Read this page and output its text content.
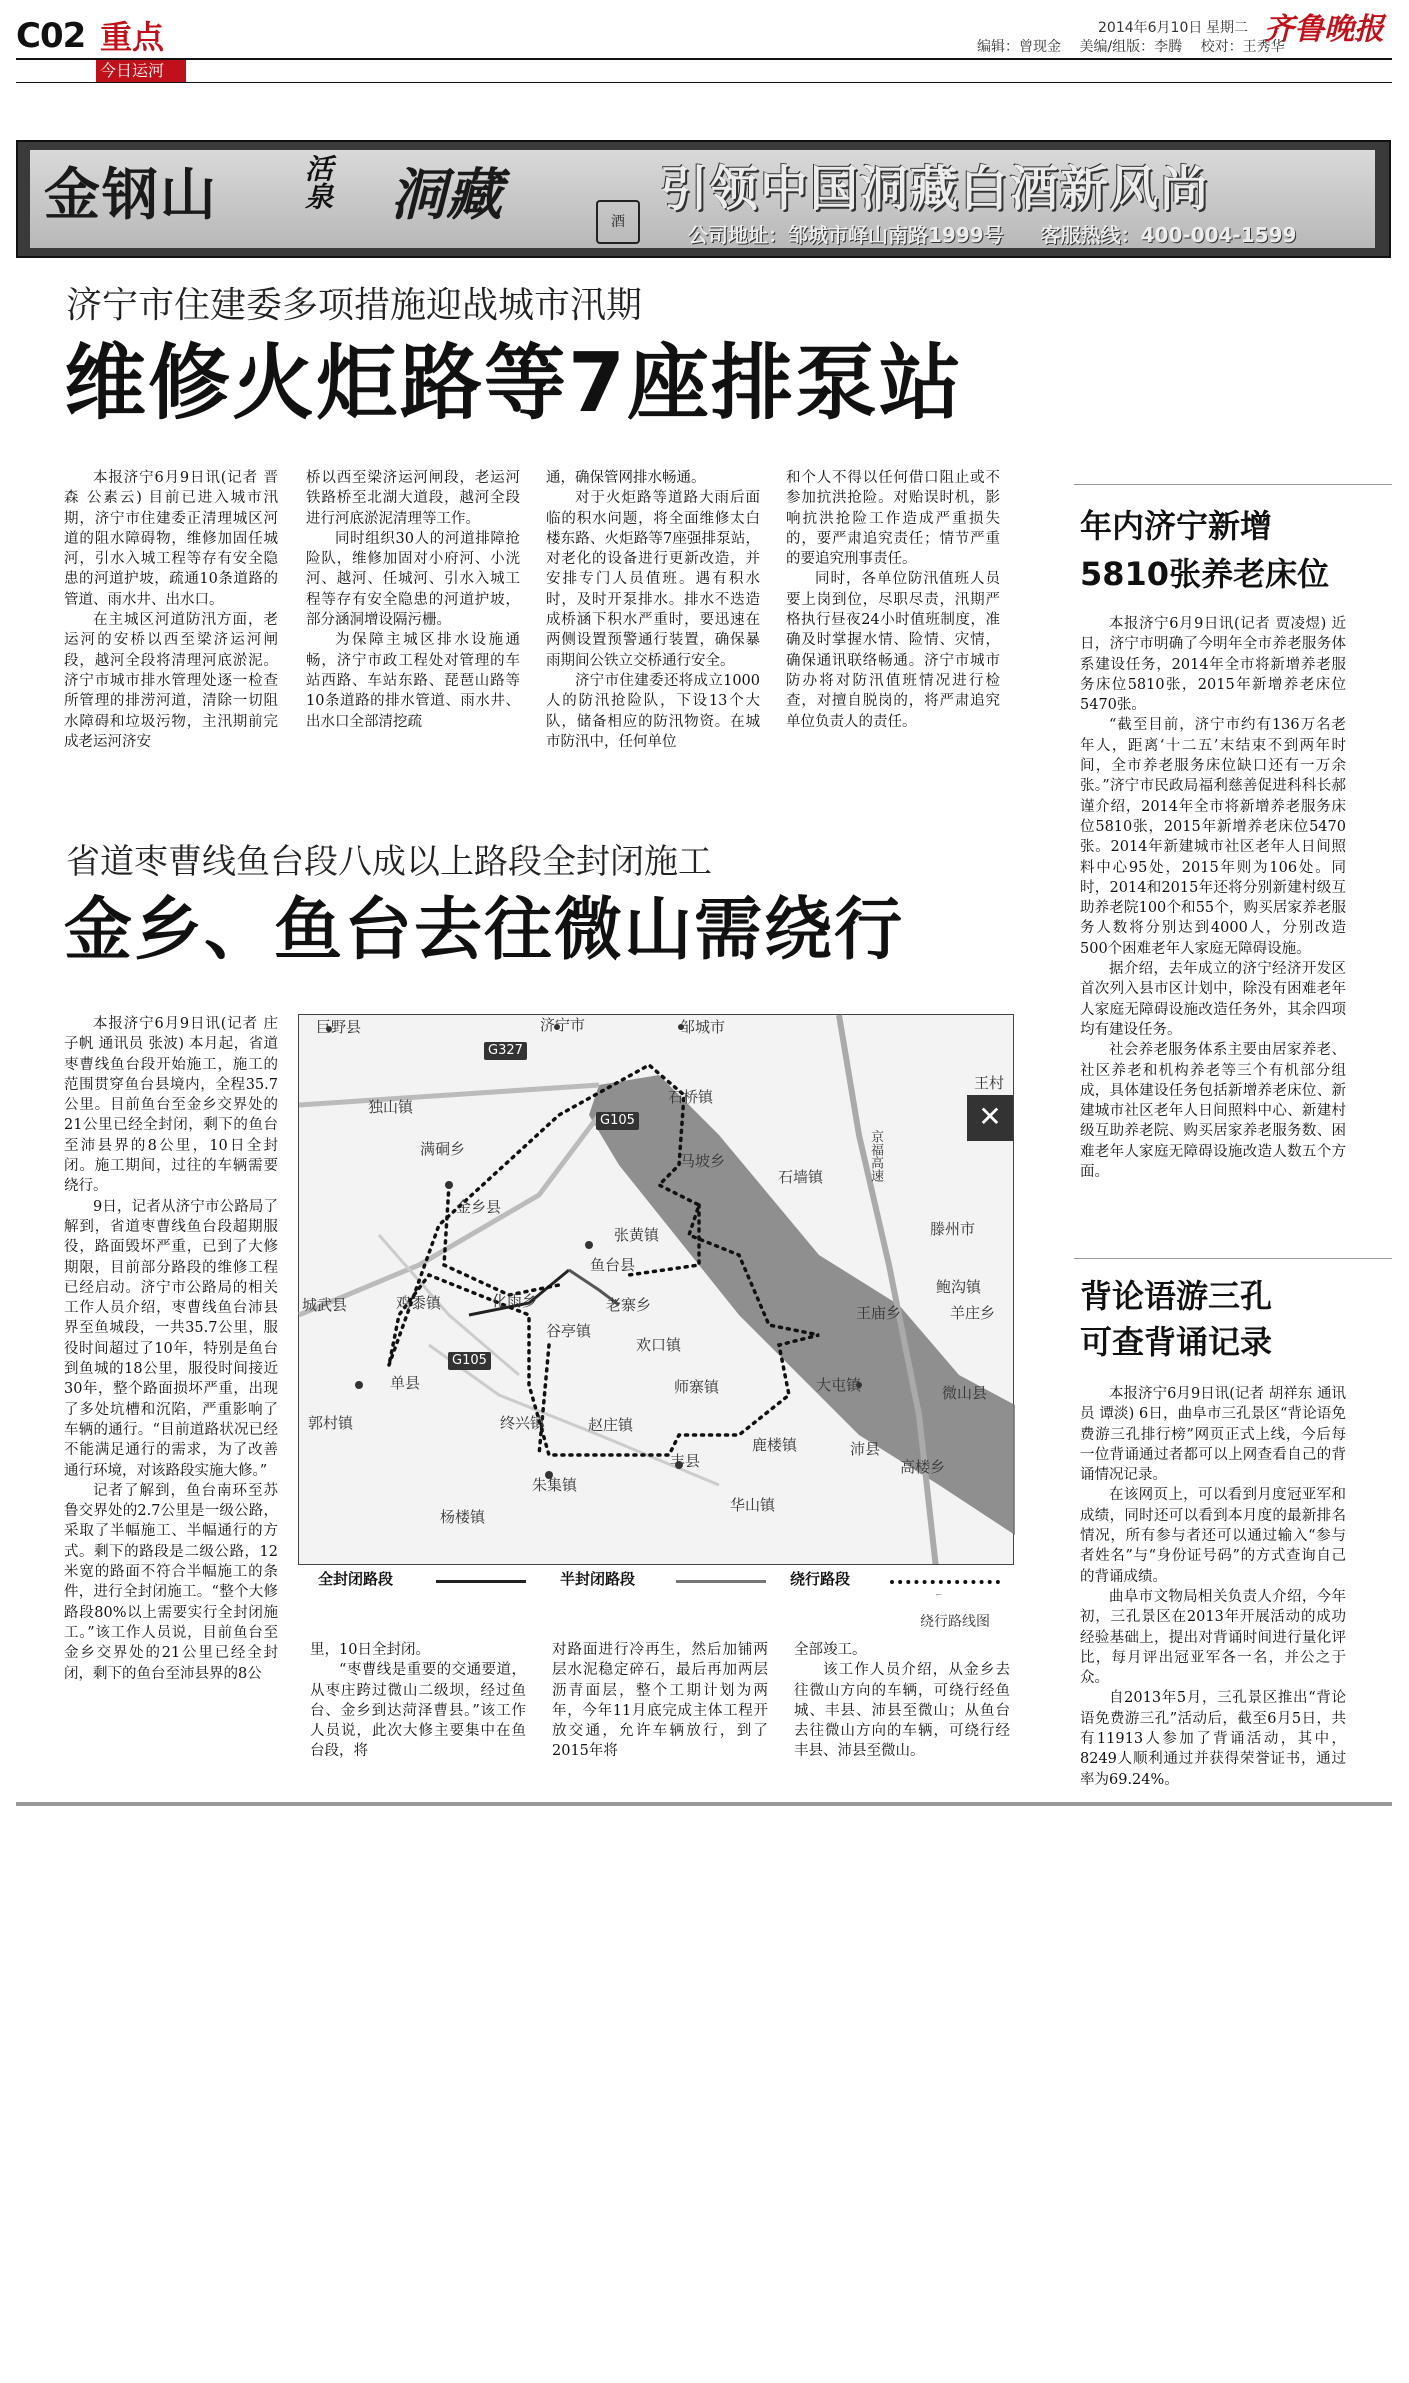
C02 重点
今日运河
2014年6月10日 星期二 齐鲁晚报
编辑：曾现金 美编/组版：李腾 校对：王秀华
金钢山	活泉 洞藏	酒
引领中国洞藏白酒新风尚
公司地址：邹城市峄山南路1999号 客服热线：400-004-1599
济宁市住建委多项措施迎战城市汛期
维修火炬路等7座排泵站

本报济宁6月9日讯(记者 晋森 公素云) 目前已进入城市汛期，济宁市住建委正清理城区河道的阻水障碍物，维修加固任城河，引水入城工程等存有安全隐患的河道护坡，疏通10条道路的管道、雨水井、出水口。

在主城区河道防汛方面，老运河的安桥以西至梁济运河闸段，越河全段将清理河底淤泥。济宁市城市排水管理处逐一检查所管理的排涝河道，清除一切阻水障碍和垃圾污物，主汛期前完成老运河济安

桥以西至梁济运河闸段，老运河铁路桥至北湖大道段，越河全段进行河底淤泥清理等工作。

同时组织30人的河道排障抢险队，维修加固对小府河、小洸河、越河、任城河、引水入城工程等存有安全隐患的河道护坡，部分涵洞增设隔污栅。

为保障主城区排水设施通畅，济宁市政工程处对管理的车站西路、车站东路、琵琶山路等10条道路的排水管道、雨水井、出水口全部清挖疏

通，确保管网排水畅通。

对于火炬路等道路大雨后面临的积水问题，将全面维修太白楼东路、火炬路等7座强排泵站，对老化的设备进行更新改造，并安排专门人员值班。遇有积水时，及时开泵排水。排水不迭造成桥涵下积水严重时，要迅速在两侧设置预警通行装置，确保暴雨期间公铁立交桥通行安全。

济宁市住建委还将成立1000人的防汛抢险队，下设13个大队，储备相应的防汛物资。在城市防汛中，任何单位

和个人不得以任何借口阻止或不参加抗洪抢险。对贻误时机，影响抗洪抢险工作造成严重损失的，要严肃追究责任；情节严重的要追究刑事责任。

同时，各单位防汛值班人员要上岗到位，尽职尽责，汛期严格执行昼夜24小时值班制度，准确及时掌握水情、险情、灾情，确保通讯联络畅通。济宁市城市防办将对防汛值班情况进行检查，对擅自脱岗的，将严肃追究单位负责人的责任。

年内济宁新增
5810张养老床位

本报济宁6月9日讯(记者 贾凌煜) 近日，济宁市明确了今明年全市养老服务体系建设任务，2014年全市将新增养老服务床位5810张，2015年新增养老床位5470张。

“截至目前，济宁市约有136万名老年人，距离‘十二五’末结束不到两年时间，全市养老服务床位缺口还有一万余张。”济宁市民政局福利慈善促进科科长郝谨介绍，2014年全市将新增养老服务床位5810张，2015年新增养老床位5470张。2014年新建城市社区老年人日间照料中心95处，2015年则为106处。同时，2014和2015年还将分别新建村级互助养老院100个和55个，购买居家养老服务人数将分别达到4000人，分别改造500个困难老年人家庭无障碍设施。

据介绍，去年成立的济宁经济开发区首次列入县市区计划中，除没有困难老年人家庭无障碍设施改造任务外，其余四项均有建设任务。

社会养老服务体系主要由居家养老、社区养老和机构养老等三个有机部分组成，具体建设任务包括新增养老床位、新建城市社区老年人日间照料中心、新建村级互助养老院、购买居家养老服务数、困难老年人家庭无障碍设施改造人数五个方面。

背论语游三孔
可查背诵记录

本报济宁6月9日讯(记者 胡祥东 通讯员 谭淡) 6日，曲阜市三孔景区“背论语免费游三孔排行榜”网页正式上线，今后每一位背诵通过者都可以上网查看自己的背诵情况记录。

在该网页上，可以看到月度冠亚军和成绩，同时还可以看到本月度的最新排名情况，所有参与者还可以通过输入“参与者姓名”与“身份证号码”的方式查询自己的背诵成绩。

曲阜市文物局相关负责人介绍，今年初，三孔景区在2013年开展活动的成功经验基础上，提出对背诵时间进行量化评比，每月评出冠亚军各一名，并公之于众。

自2013年5月，三孔景区推出“背论语免费游三孔”活动后，截至6月5日，共有11913人参加了背诵活动，其中，8249人顺利通过并获得荣誉证书，通过率为69.24%。

省道枣曹线鱼台段八成以上路段全封闭施工
金乡、鱼台去往微山需绕行

本报济宁6月9日讯(记者 庄子帆 通讯员 张波) 本月起，省道枣曹线鱼台段开始施工，施工的范围贯穿鱼台县境内，全程35.7公里。目前鱼台至金乡交界处的21公里已经全封闭，剩下的鱼台至沛县界的8公里，10日全封闭。施工期间，过往的车辆需要绕行。

9日，记者从济宁市公路局了解到，省道枣曹线鱼台段超期服役，路面毁坏严重，已到了大修期限，目前部分路段的维修工程已经启动。济宁市公路局的相关工作人员介绍，枣曹线鱼台沛县界至鱼城段，一共35.7公里，服役时间超过了10年，特别是鱼台到鱼城的18公里，服役时间接近30年，整个路面损坏严重，出现了多处坑槽和沉陷，严重影响了车辆的通行。“目前道路状况已经不能满足通行的需求，为了改善通行环境，对该路段实施大修。”

记者了解到，鱼台南环至苏鲁交界处的2.7公里是一级公路，采取了半幅施工、半幅通行的方式。剩下的路段是二级公路，12米宽的路面不符合半幅施工的条件，进行全封闭施工。“整个大修路段80%以上需要实行全封闭施工。”该工作人员说，目前鱼台至金乡交界处的21公里已经全封闭，剩下的鱼台至沛县界的8公

里，10日全封闭。

“枣曹线是重要的交通要道，从枣庄跨过微山二级坝，经过鱼台、金乡到达菏泽曹县。”该工作人员说，此次大修主要集中在鱼台段，将

对路面进行冷再生，然后加铺两层水泥稳定碎石，最后再加两层沥青面层，整个工期计划为两年，今年11月底完成主体工程开放交通，允许车辆放行，到了2015年将

全部竣工。

该工作人员介绍，从金乡去往微山方向的车辆，可绕行经鱼城、丰县、沛县至微山；从鱼台去往微山方向的车辆，可绕行经丰县、沛县至微山。

✕
巨野县	济宁市	邹城市
独山镇
满硐乡
石桥镇
王村
马坡乡
石墙镇
张黄镇
金乡县
滕州市
鱼台县
鲍沟镇
城武县	鸡黍镇	化雨乡	老寨乡	王庙乡	羊庄乡
谷亭镇
欢口镇
单县	师寨镇	大屯镇	微山县
郭村镇	终兴镇	赵庄镇
丰县
鹿楼镇	沛县
高楼乡
朱集镇
杨楼镇
华山镇
京福高速
G327
G105
G105
全封闭路段	半封闭路段	绕行路段
绕行路线图
